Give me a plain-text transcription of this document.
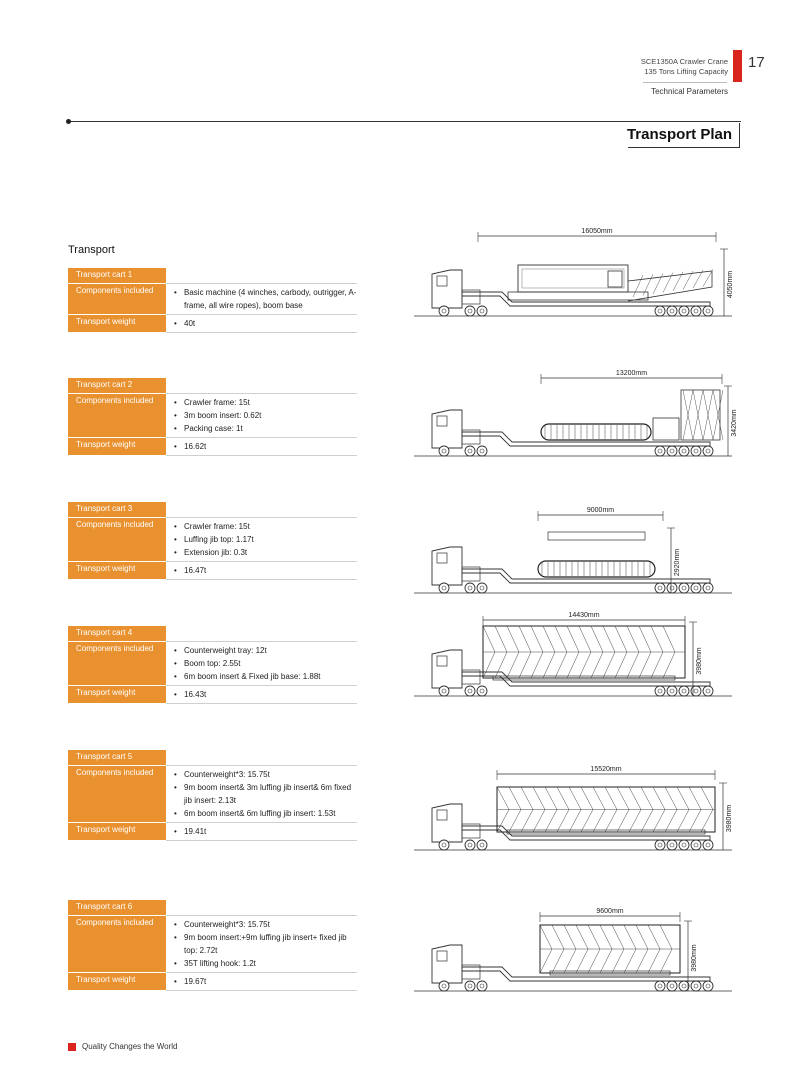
SCE1350A Crawler Crane
135 Tons Lifting Capacity
Technical Parameters
17
Transport Plan
Transport
Transport cart 1
Components included	• Basic machine (4 winches, carbody, outrigger, A-frame, all wire ropes), boom base
Transport weight	• 40t
Transport cart 2
Components included	• Crawler frame: 15t
• 3m boom insert: 0.62t
• Packing case: 1t
Transport weight	• 16.62t
Transport cart 3
Components included	• Crawler frame: 15t
• Luffing jib top: 1.17t
• Extension jib: 0.3t
Transport weight	• 16.47t
Transport cart 4
Components included	• Counterweight tray: 12t
• Boom top: 2.55t
• 6m boom insert & Fixed jib base: 1.88t
Transport weight	• 16.43t
Transport cart 5
Components included	• Counterweight*3: 15.75t
• 9m boom insert& 3m luffing jib insert& 6m fixed jib insert: 2.13t
• 6m boom insert& 6m luffing jib insert: 1.53t
Transport weight	• 19.41t
Transport cart 6
Components included	• Counterweight*3: 15.75t
• 9m boom insert:+9m luffing jib insert+ fixed jib top: 2.72t
• 35T lifting hook: 1.2t
Transport weight	• 19.67t
16050mm
4050mm
13200mm
3420mm
9000mm
2920mm
14430mm
3980mm
15520mm
3980mm
9600mm
3980mm
Quality Changes the World
